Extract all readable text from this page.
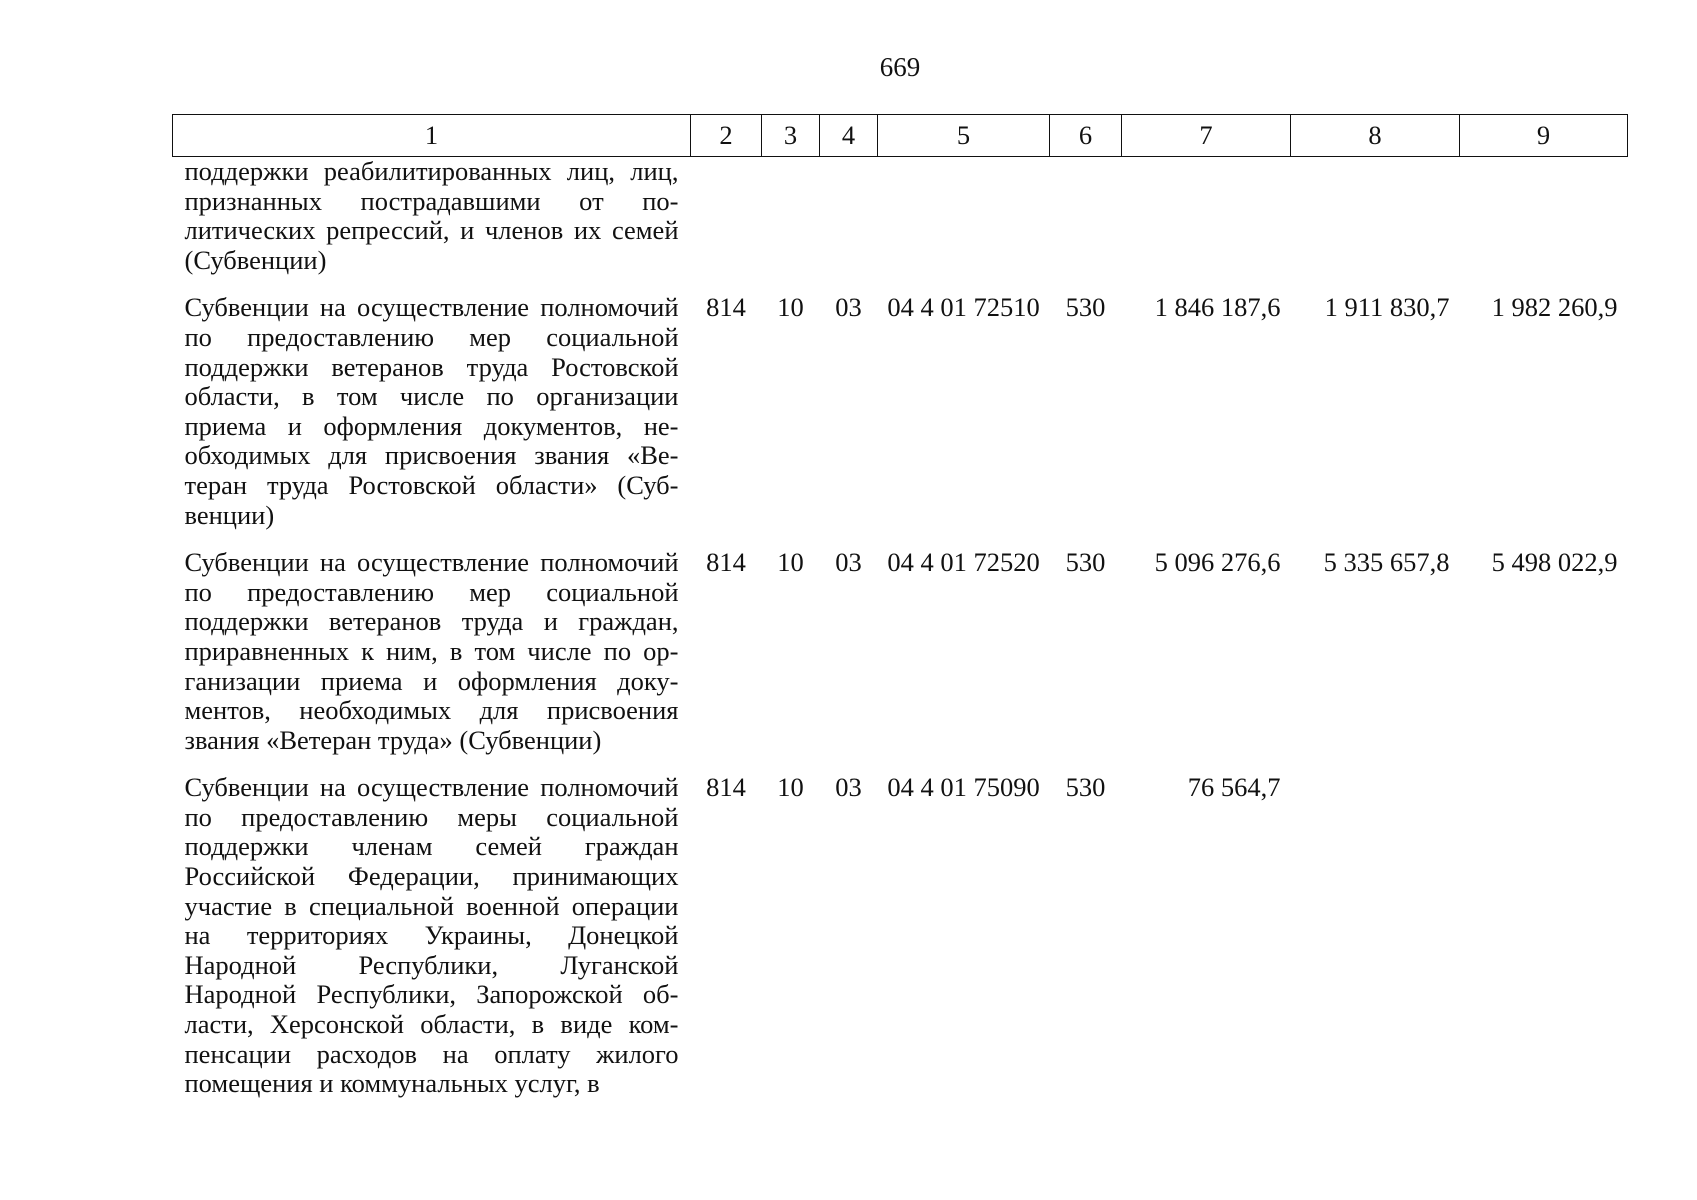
669
1	2	3	4	5	6	7	8	9
поддержки реабилитированных лиц, лиц, признанных пострадавшими от политических репрессий, и членов их семей (Субвенции)								
Субвенции на осуществление полномочий по предоставлению мер социальной поддержки ветеранов труда Ростовской области, в том числе по организации приема и оформления документов, необходимых для присвоения звания «Ветеран труда Ростовской области» (Субвенции)	814	10	03	04 4 01 72510	530	1 846 187,6	1 911 830,7	1 982 260,9
Субвенции на осуществление полномочий по предоставлению мер социальной поддержки ветеранов труда и граждан, приравненных к ним, в том числе по организации приема и оформления документов, необходимых для присвоения звания «Ветеран труда» (Субвенции)	814	10	03	04 4 01 72520	530	5 096 276,6	5 335 657,8	5 498 022,9
Субвенции на осуществление полномочий по предоставлению меры социальной поддержки членам семей граждан Российской Федерации, принимающих участие в специальной военной операции на территориях Украины, Донецкой Народной Республики, Луганской Народной Республики, Запорожской области, Херсонской области, в виде компенсации расходов на оплату жилого помещения и коммунальных услуг, в	814	10	03	04 4 01 75090	530	76 564,7		
